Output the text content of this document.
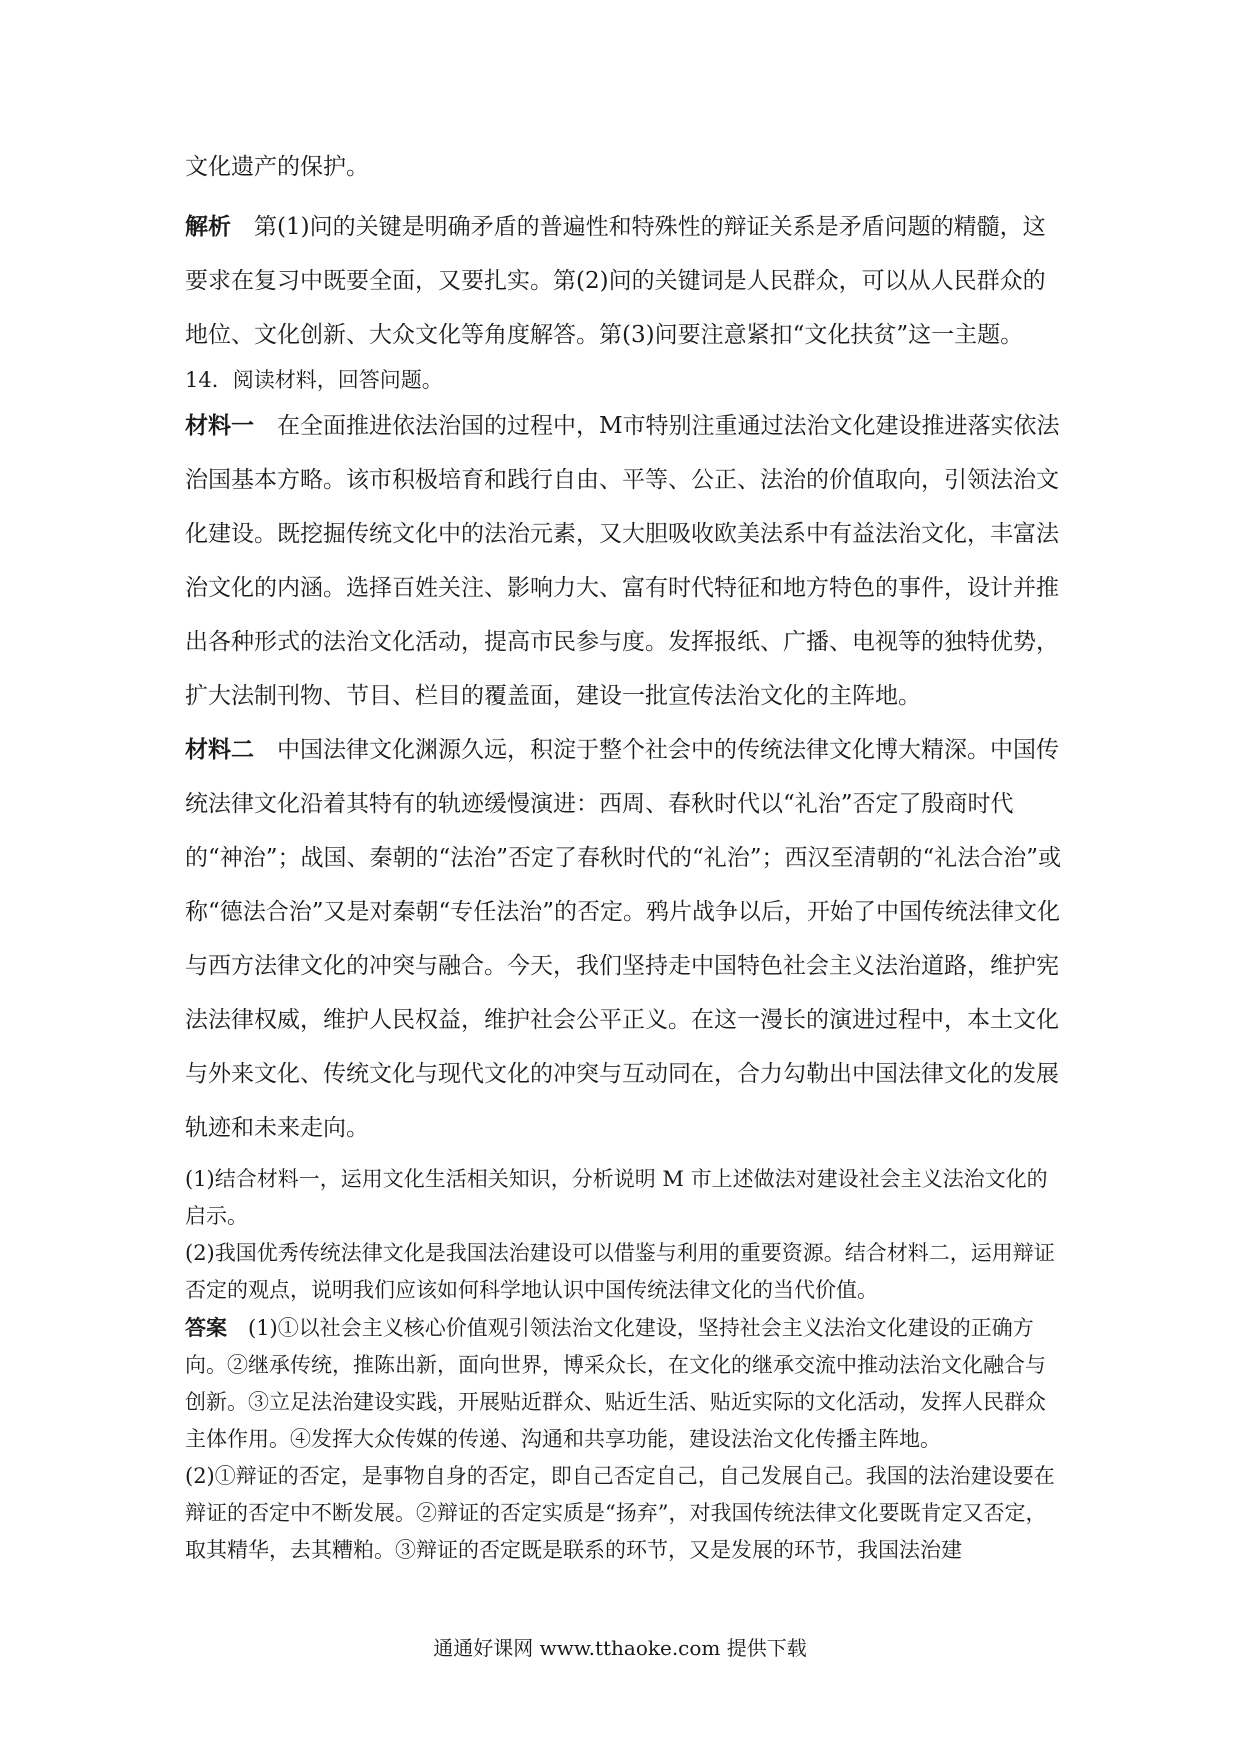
文化遗产的保护。

解析　第(1)问的关键是明确矛盾的普遍性和特殊性的辩证关系是矛盾问题的精髓，这要求在复习中既要全面，又要扎实。第(2)问的关键词是人民群众，可以从人民群众的地位、文化创新、大众文化等角度解答。第(3)问要注意紧扣“文化扶贫”这一主题。

14．阅读材料，回答问题。

材料一　在全面推进依法治国的过程中，M市特别注重通过法治文化建设推进落实依法治国基本方略。该市积极培育和践行自由、平等、公正、法治的价值取向，引领法治文化建设。既挖掘传统文化中的法治元素，又大胆吸收欧美法系中有益法治文化，丰富法治文化的内涵。选择百姓关注、影响力大、富有时代特征和地方特色的事件，设计并推出各种形式的法治文化活动，提高市民参与度。发挥报纸、广播、电视等的独特优势，扩大法制刊物、节目、栏目的覆盖面，建设一批宣传法治文化的主阵地。

材料二　中国法律文化渊源久远，积淀于整个社会中的传统法律文化博大精深。中国传统法律文化沿着其特有的轨迹缓慢演进：西周、春秋时代以“礼治”否定了殷商时代的“神治”；战国、秦朝的“法治”否定了春秋时代的“礼治”；西汉至清朝的“礼法合治”或称“德法合治”又是对秦朝“专任法治”的否定。鸦片战争以后，开始了中国传统法律文化与西方法律文化的冲突与融合。今天，我们坚持走中国特色社会主义法治道路，维护宪法法律权威，维护人民权益，维护社会公平正义。在这一漫长的演进过程中，本土文化与外来文化、传统文化与现代文化的冲突与互动同在，合力勾勒出中国法律文化的发展轨迹和未来走向。

(1)结合材料一，运用文化生活相关知识，分析说明 M 市上述做法对建设社会主义法治文化的启示。

(2)我国优秀传统法律文化是我国法治建设可以借鉴与利用的重要资源。结合材料二，运用辩证否定的观点，说明我们应该如何科学地认识中国传统法律文化的当代价值。

答案　(1)①以社会主义核心价值观引领法治文化建设，坚持社会主义法治文化建设的正确方向。②继承传统，推陈出新，面向世界，博采众长，在文化的继承交流中推动法治文化融合与创新。③立足法治建设实践，开展贴近群众、贴近生活、贴近实际的文化活动，发挥人民群众主体作用。④发挥大众传媒的传递、沟通和共享功能，建设法治文化传播主阵地。

(2)①辩证的否定，是事物自身的否定，即自己否定自己，自己发展自己。我国的法治建设要在辩证的否定中不断发展。②辩证的否定实质是“扬弃”，对我国传统法律文化要既肯定又否定，取其精华，去其糟粕。③辩证的否定既是联系的环节，又是发展的环节，我国法治建

通通好课网 www.tthaoke.com 提供下载
